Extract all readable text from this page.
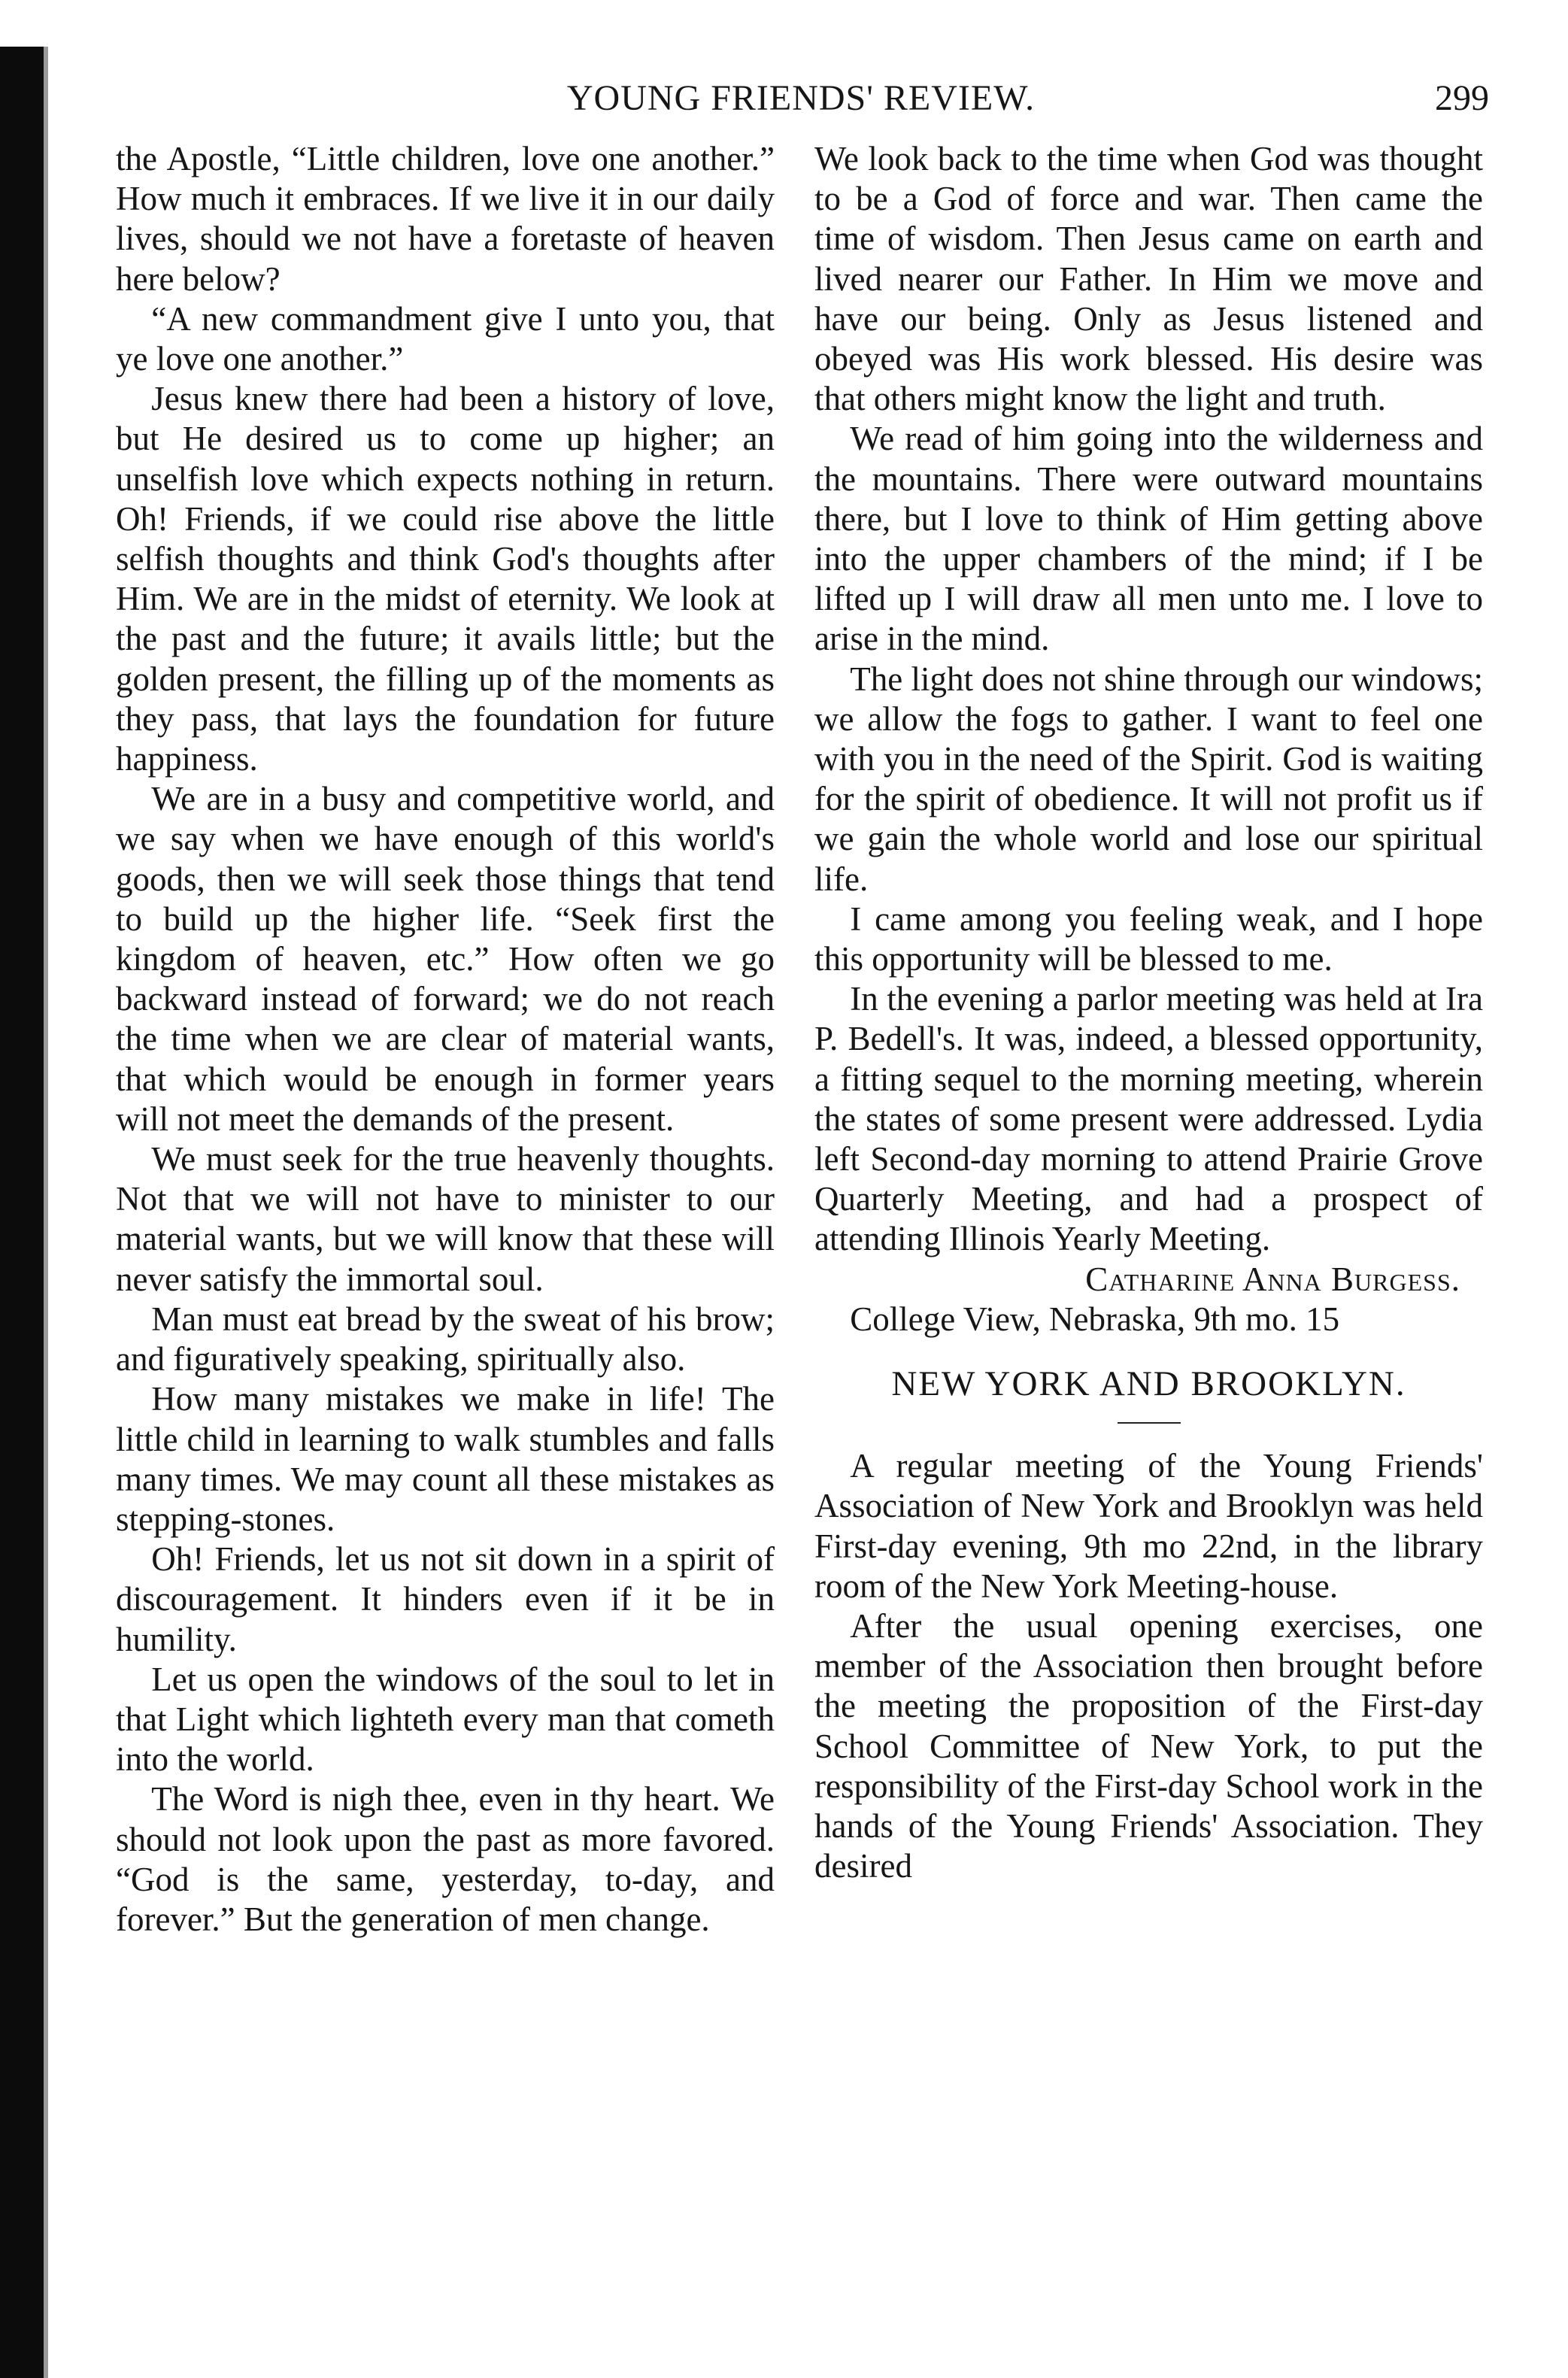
YOUNG FRIENDS' REVIEW.	299

the Apostle, “Little children, love one another.” How much it embraces. If we live it in our daily lives, should we not have a foretaste of heaven here below?

“A new commandment give I unto you, that ye love one another.”

Jesus knew there had been a history of love, but He desired us to come up higher; an unselfish love which expects nothing in return. Oh! Friends, if we could rise above the little selfish thoughts and think God's thoughts after Him. We are in the midst of eternity. We look at the past and the future; it avails little; but the golden present, the filling up of the moments as they pass, that lays the foundation for future happiness.

We are in a busy and competitive world, and we say when we have enough of this world's goods, then we will seek those things that tend to build up the higher life. “Seek first the kingdom of heaven, etc.” How often we go backward instead of forward; we do not reach the time when we are clear of material wants, that which would be enough in former years will not meet the demands of the present.

We must seek for the true heavenly thoughts. Not that we will not have to minister to our material wants, but we will know that these will never satisfy the immortal soul.

Man must eat bread by the sweat of his brow; and figuratively speaking, spiritually also.

How many mistakes we make in life! The little child in learning to walk stumbles and falls many times. We may count all these mistakes as stepping-stones.

Oh! Friends, let us not sit down in a spirit of discouragement. It hinders even if it be in humility.

Let us open the windows of the soul to let in that Light which lighteth every man that cometh into the world.

The Word is nigh thee, even in thy heart. We should not look upon the past as more favored. “God is the same, yesterday, to-day, and forever.” But the generation of men change.

We look back to the time when God was thought to be a God of force and war. Then came the time of wisdom. Then Jesus came on earth and lived nearer our Father. In Him we move and have our being. Only as Jesus listened and obeyed was His work blessed. His desire was that others might know the light and truth.

We read of him going into the wilderness and the mountains. There were outward mountains there, but I love to think of Him getting above into the upper chambers of the mind; if I be lifted up I will draw all men unto me. I love to arise in the mind.

The light does not shine through our windows; we allow the fogs to gather. I want to feel one with you in the need of the Spirit. God is waiting for the spirit of obedience. It will not profit us if we gain the whole world and lose our spiritual life.

I came among you feeling weak, and I hope this opportunity will be blessed to me.

In the evening a parlor meeting was held at Ira P. Bedell's. It was, indeed, a blessed opportunity, a fitting sequel to the morning meeting, wherein the states of some present were addressed. Lydia left Second-day morning to attend Prairie Grove Quarterly Meeting, and had a prospect of attending Illinois Yearly Meeting.

Catharine Anna Burgess.

College View, Nebraska, 9th mo. 15

NEW YORK AND BROOKLYN.

A regular meeting of the Young Friends' Association of New York and Brooklyn was held First-day evening, 9th mo 22nd, in the library room of the New York Meeting-house.

After the usual opening exercises, one member of the Association then brought before the meeting the proposition of the First-day School Committee of New York, to put the responsibility of the First-day School work in the hands of the Young Friends' Association. They desired
